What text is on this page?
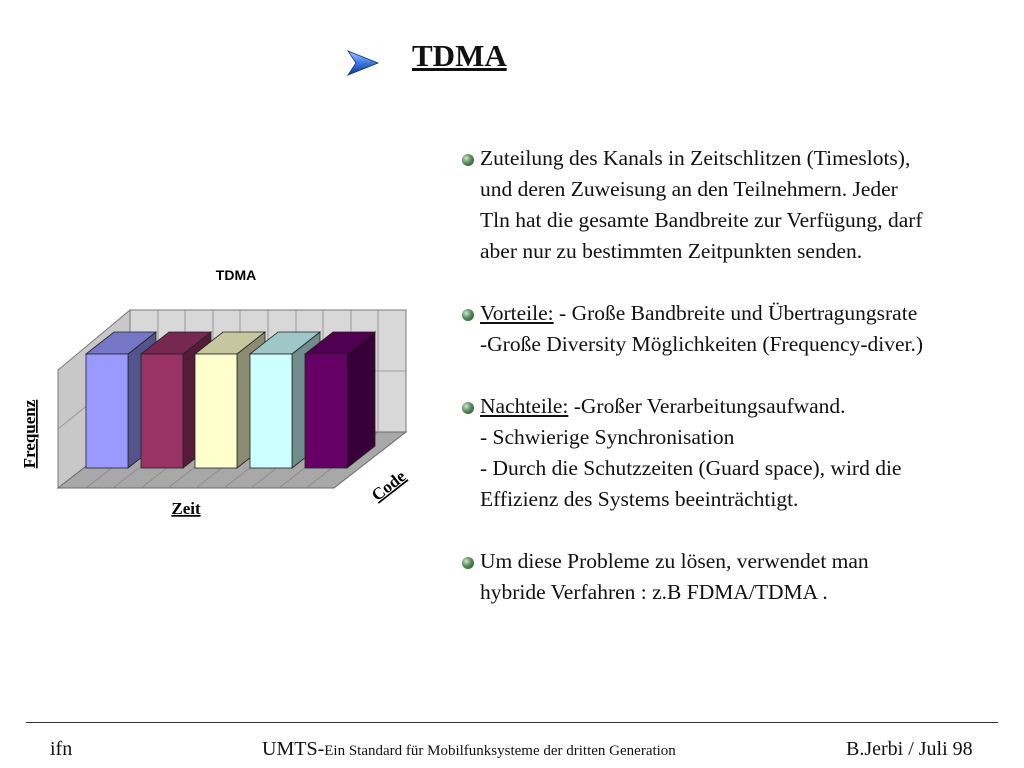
TDMA
TDMA
Frequenz
Zeit
Code
Zuteilung des Kanals in Zeitschlitzen (Timeslots),
und deren Zuweisung an den Teilnehmern. Jeder
Tln hat die gesamte Bandbreite zur Verfügung, darf
aber nur zu bestimmten Zeitpunkten senden.
Vorteile: - Große Bandbreite und Übertragungsrate
-Große Diversity Möglichkeiten (Frequency-diver.)
Nachteile: -Großer Verarbeitungsaufwand.
- Schwierige Synchronisation
- Durch die Schutzzeiten (Guard space), wird die
Effizienz des Systems beeinträchtigt.
Um diese Probleme zu lösen, verwendet man
hybride Verfahren : z.B FDMA/TDMA .
ifn	UMTS-Ein Standard für Mobilfunksysteme der dritten Generation	B.Jerbi / Juli 98
